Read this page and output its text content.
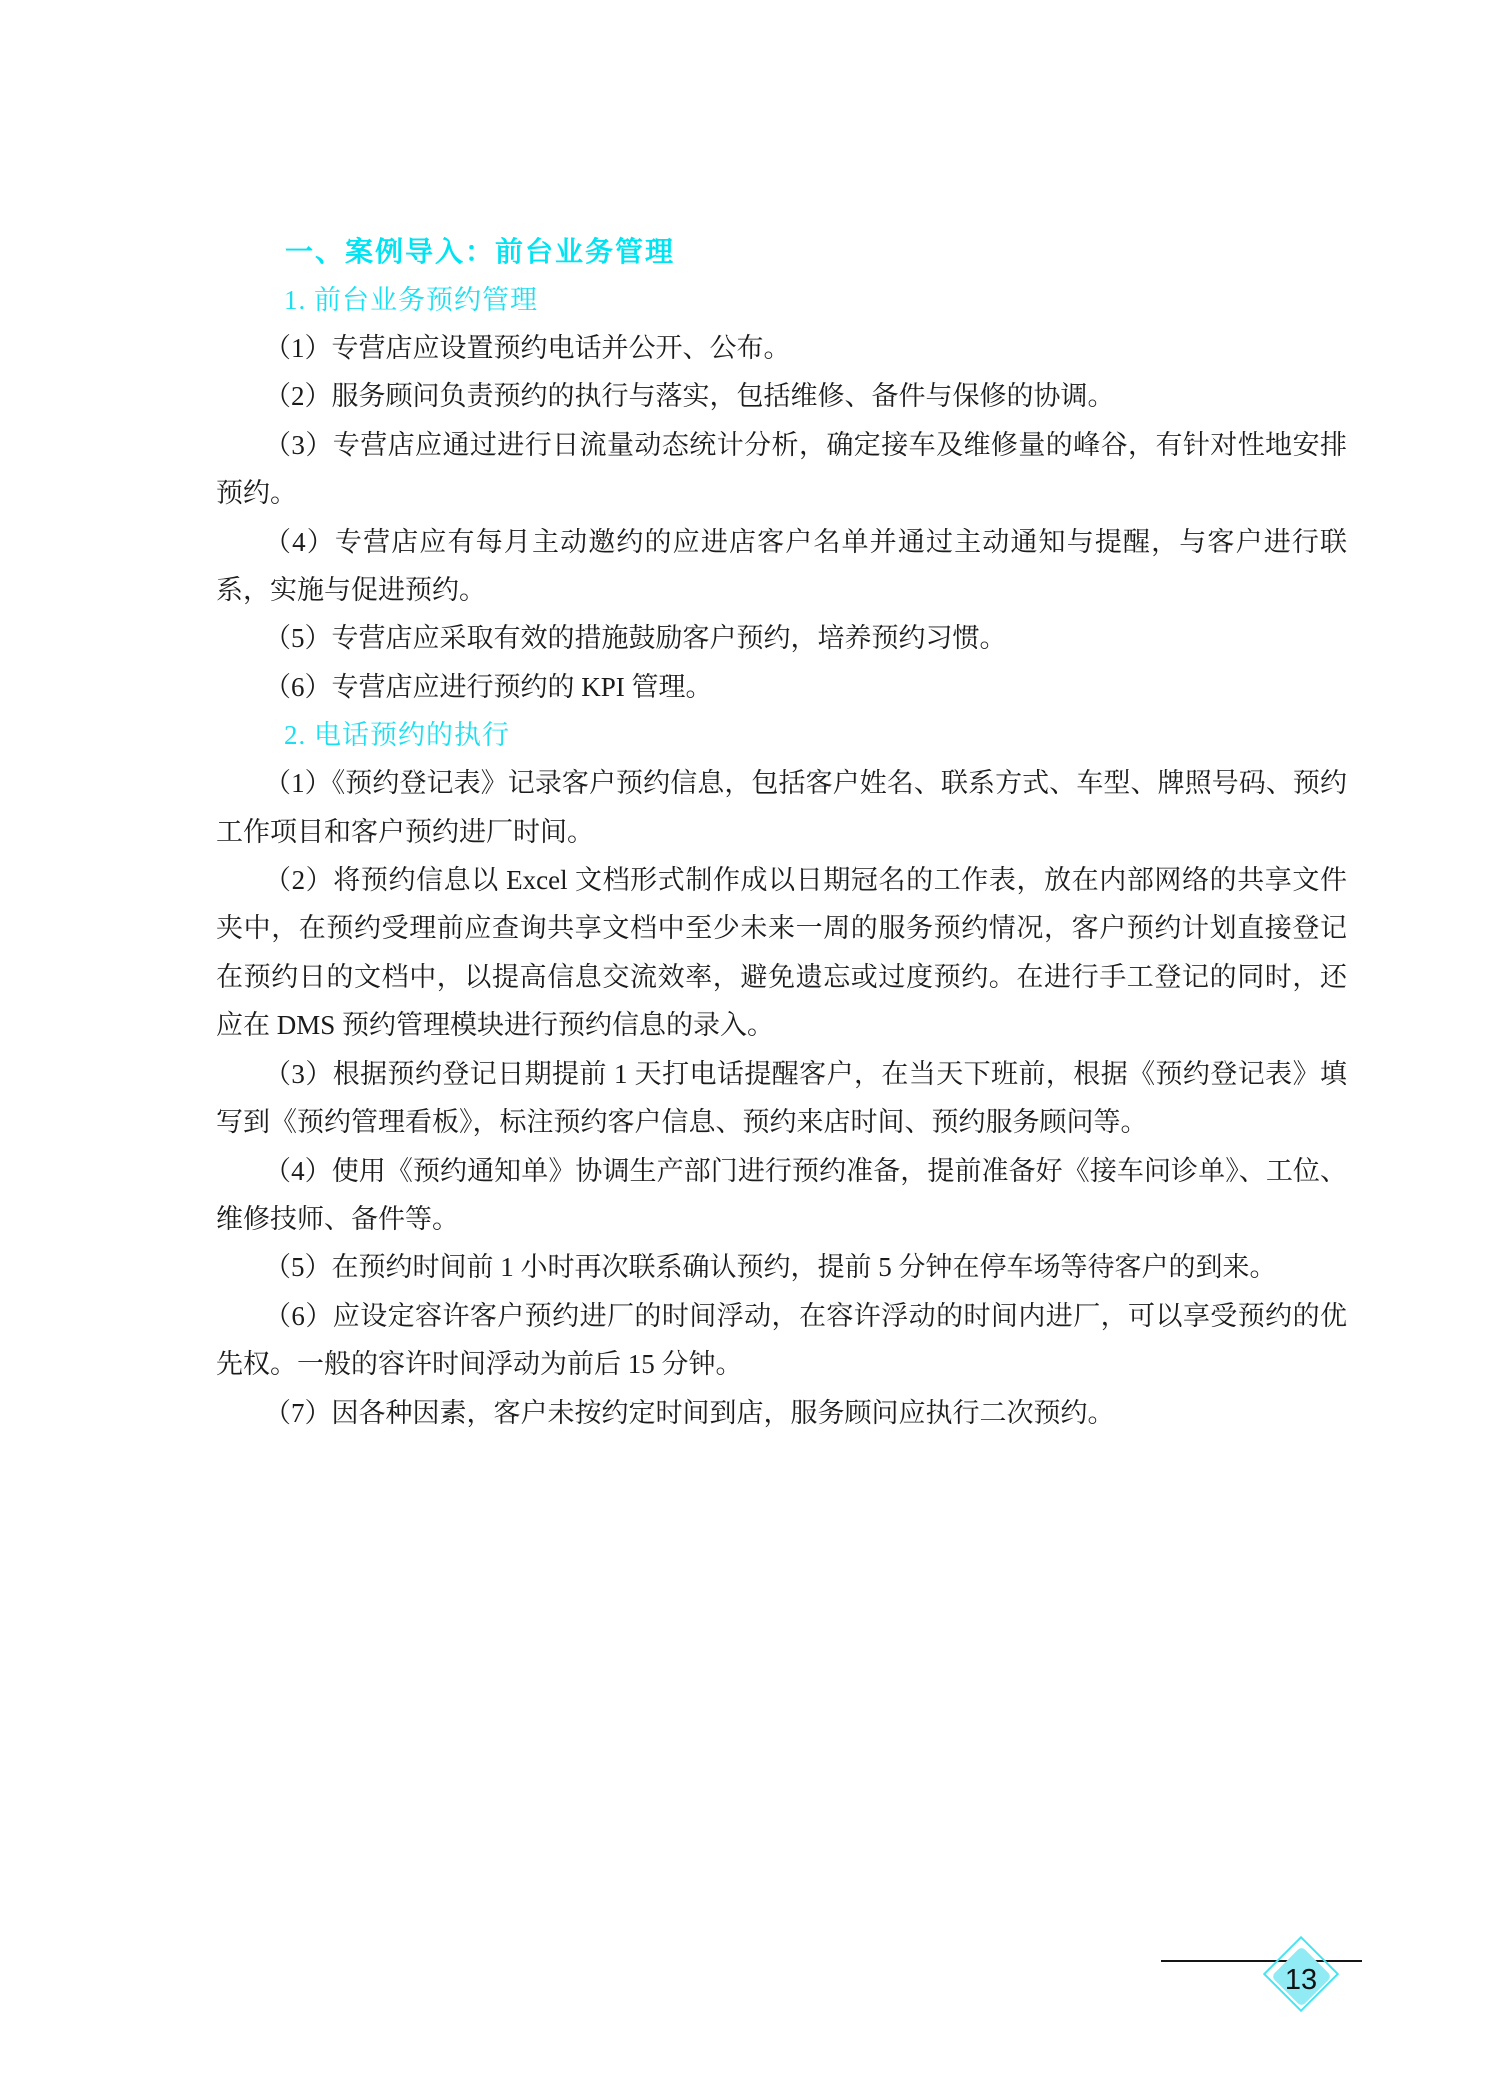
一、案例导入：前台业务管理
1. 前台业务预约管理

（1）专营店应设置预约电话并公开、公布。

（2）服务顾问负责预约的执行与落实，包括维修、备件与保修的协调。

（3）专营店应通过进行日流量动态统计分析，确定接车及维修量的峰谷，有针对性地安排预约。

（4）专营店应有每月主动邀约的应进店客户名单并通过主动通知与提醒，与客户进行联系，实施与促进预约。

（5）专营店应采取有效的措施鼓励客户预约，培养预约习惯。

（6）专营店应进行预约的 KPI 管理。

2. 电话预约的执行

（1）《预约登记表》记录客户预约信息，包括客户姓名、联系方式、车型、牌照号码、预约工作项目和客户预约进厂时间。

（2）将预约信息以 Excel 文档形式制作成以日期冠名的工作表，放在内部网络的共享文件夹中，在预约受理前应查询共享文档中至少未来一周的服务预约情况，客户预约计划直接登记在预约日的文档中，以提高信息交流效率，避免遗忘或过度预约。在进行手工登记的同时，还应在 DMS 预约管理模块进行预约信息的录入。

（3）根据预约登记日期提前 1 天打电话提醒客户，在当天下班前，根据《预约登记表》填写到《预约管理看板》，标注预约客户信息、预约来店时间、预约服务顾问等。

（4）使用《预约通知单》协调生产部门进行预约准备，提前准备好《接车问诊单》、工位、维修技师、备件等。

（5）在预约时间前 1 小时再次联系确认预约，提前 5 分钟在停车场等待客户的到来。

（6）应设定容许客户预约进厂的时间浮动，在容许浮动的时间内进厂，可以享受预约的优先权。一般的容许时间浮动为前后 15 分钟。

（7）因各种因素，客户未按约定时间到店，服务顾问应执行二次预约。

13
